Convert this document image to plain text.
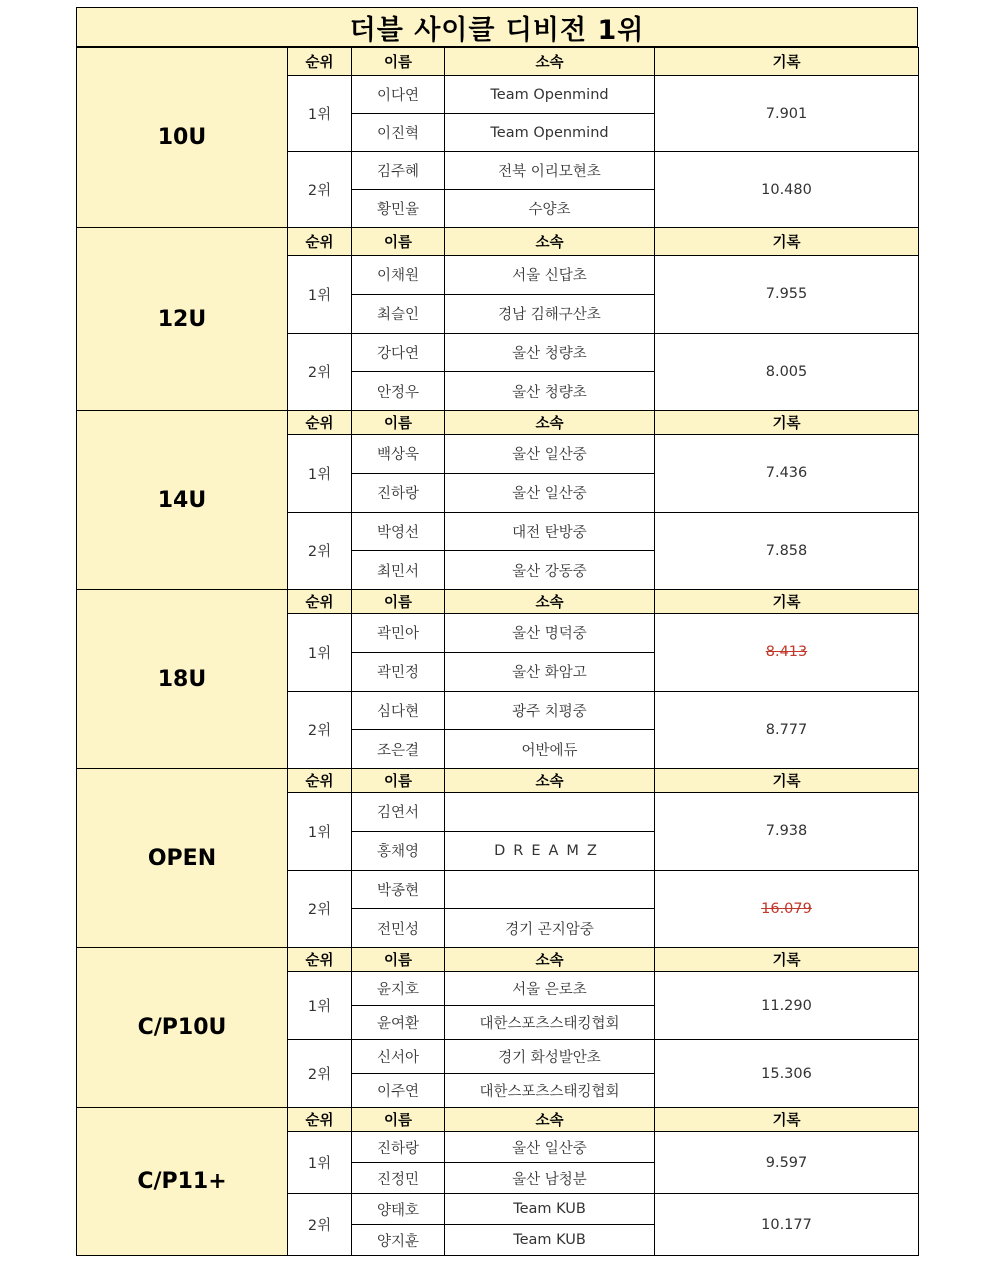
더블 사이클 디비전 1위
10U	순위	이름	소속	기록
	1위	이다연	Team Openmind	7.901
		이진혁	Team Openmind	
	2위	김주혜	전북 이리모현초	10.480
		황민율	수양초	
12U	순위	이름	소속	기록
	1위	이채원	서울 신답초	7.955
		최슬인	경남 김해구산초	
	2위	강다연	울산 청량초	8.005
		안정우	울산 청량초	
14U	순위	이름	소속	기록
	1위	백상욱	울산 일산중	7.436
		진하랑	울산 일산중	
	2위	박영선	대전 탄방중	7.858
		최민서	울산 강동중	
18U	순위	이름	소속	기록
	1위	곽민아	울산 명덕중	8.413
		곽민정	울산 화암고	
	2위	심다현	광주 치평중	8.777
		조은결	어반에듀	
OPEN	순위	이름	소속	기록
	1위	김연서		7.938
		홍채영	DREAMZ	
	2위	박종현		16.079
		전민성	경기 곤지암중	
C/P10U	순위	이름	소속	기록
	1위	윤지호	서울 은로초	11.290
		윤여환	대한스포츠스태킹협회	
	2위	신서아	경기 화성발안초	15.306
		이주연	대한스포츠스태킹협회	
C/P11+	순위	이름	소속	기록
	1위	진하랑	울산 일산중	9.597
		진정민	울산 남청분	
	2위	양태호	Team KUB	10.177
		양지훈	Team KUB	
